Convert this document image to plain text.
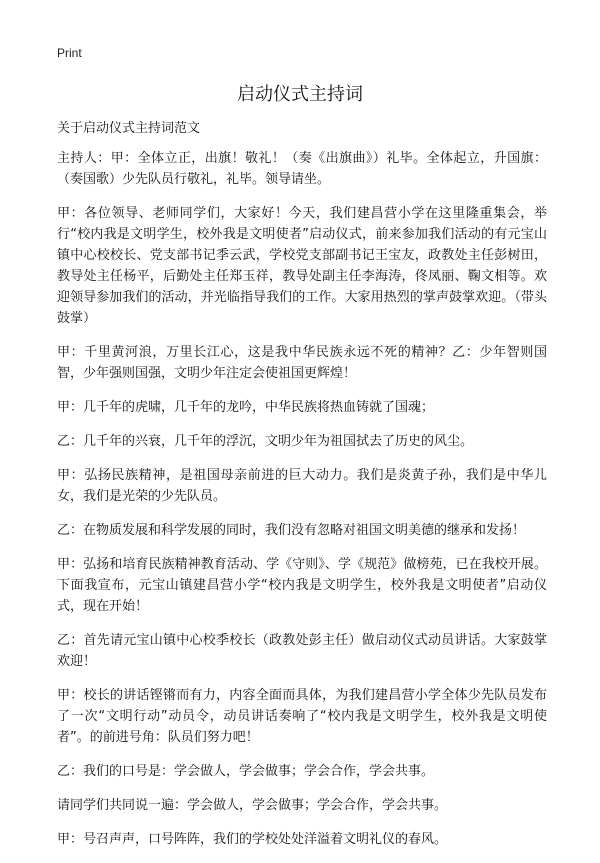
Print
启动仪式主持词

关于启动仪式主持词范文

主持人：甲：全体立正，出旗！敬礼！（奏《出旗曲》）礼毕。全体起立，升国旗：（奏国歌）少先队员行敬礼，礼毕。领导请坐。

甲：各位领导、老师同学们，大家好！今天，我们建昌营小学在这里隆重集会，举行“校内我是文明学生，校外我是文明使者”启动仪式，前来参加我们活动的有元宝山镇中心校校长、党支部书记季云武，学校党支部副书记王宝友，政教处主任彭树田，教导处主任杨平，后勤处主任郑玉祥，教导处副主任李海涛，佟凤丽、鞠文相等。欢迎领导参加我们的活动，并光临指导我们的工作。大家用热烈的掌声鼓掌欢迎。（带头鼓掌）

甲：千里黄河浪，万里长江心，这是我中华民族永远不死的精神？乙：少年智则国智，少年强则国强，文明少年注定会使祖国更辉煌！

甲：几千年的虎啸，几千年的龙吟，中华民族将热血铸就了国魂；

乙：几千年的兴衰，几千年的浮沉，文明少年为祖国拭去了历史的风尘。

甲：弘扬民族精神，是祖国母亲前进的巨大动力。我们是炎黄子孙，我们是中华儿女，我们是光荣的少先队员。

乙：在物质发展和科学发展的同时，我们没有忽略对祖国文明美德的继承和发扬！

甲：弘扬和培育民族精神教育活动、学《守则》、学《规范》做榜苑，已在我校开展。下面我宣布，元宝山镇建昌营小学“校内我是文明学生，校外我是文明使者”启动仪式，现在开始！

乙：首先请元宝山镇中心校季校长（政教处彭主任）做启动仪式动员讲话。大家鼓掌欢迎！

甲：校长的讲话铿锵而有力，内容全面而具体，为我们建昌营小学全体少先队员发布了一次“文明行动”动员令，动员讲话奏响了“校内我是文明学生，校外我是文明使者”。的前进号角：队员们努力吧！

乙：我们的口号是：学会做人，学会做事；学会合作，学会共事。

请同学们共同说一遍：学会做人，学会做事；学会合作，学会共事。

甲：号召声声，口号阵阵，我们的学校处处洋溢着文明礼仪的春风。
